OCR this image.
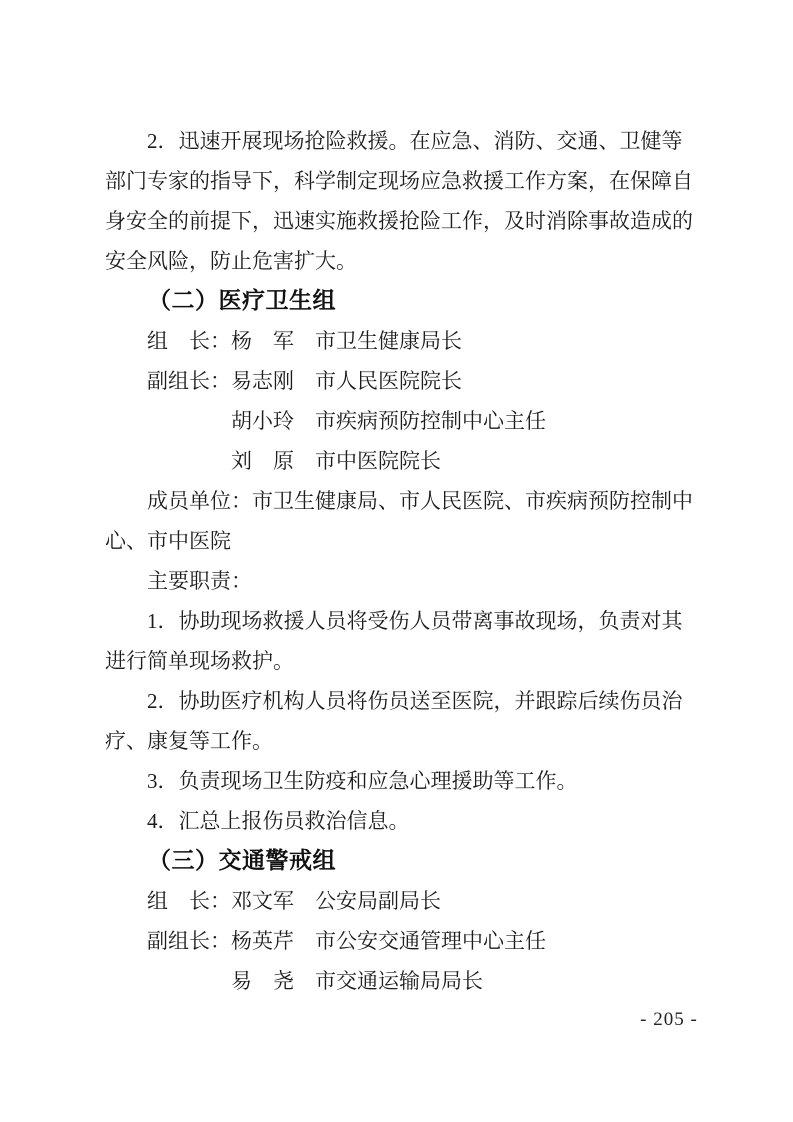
2．迅速开展现场抢险救援。在应急、消防、交通、卫健等
部门专家的指导下，科学制定现场应急救援工作方案，在保障自
身安全的前提下，迅速实施救援抢险工作，及时消除事故造成的
安全风险，防止危害扩大。
（二）医疗卫生组
组　长：杨　军　市卫生健康局长
副组长：易志刚　市人民医院院长
胡小玲　市疾病预防控制中心主任
刘　原　市中医院院长
成员单位：市卫生健康局、市人民医院、市疾病预防控制中
心、市中医院
主要职责：
1．协助现场救援人员将受伤人员带离事故现场，负责对其
进行简单现场救护。
2．协助医疗机构人员将伤员送至医院，并跟踪后续伤员治
疗、康复等工作。
3．负责现场卫生防疫和应急心理援助等工作。
4．汇总上报伤员救治信息。
（三）交通警戒组
组　长：邓文军　公安局副局长
副组长：杨英芹　市公安交通管理中心主任
易　尧　市交通运输局局长
- 205 -
